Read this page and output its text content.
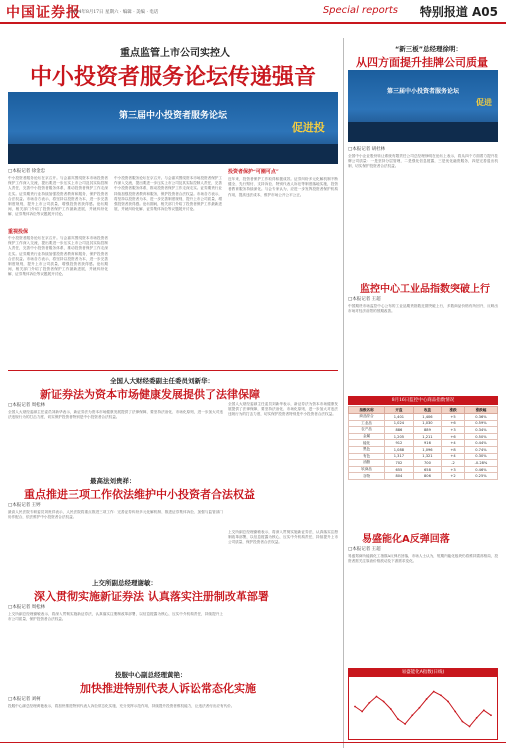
中国证券报
2024年8月17日 星期六 · 编辑 · 美编 · 电话	Special reports 特别报道 A05
重点监管上市公司实控人
中小投资者服务论坛传递强音
第三届中小投资者服务论坛
促进投
□本报记者 徐金忠
中小投资者服务论坛在京召开。与会嘉宾围绕资本市场投资者保护工作深入交流，提出要进一步压实上市公司及其实际控制人责任，完善中小投资者服务体系，推动投资者保护工作走深走实。证券期货行业持续加强投资者教育和服务，保护投资者合法权益。市场各方表示，将坚持以投资者为本，进一步完善制度规则，提升上市公司质量，增强投资者获得感。论坛期间，相关部门介绍了投资者保护工作最新进展，并就纠纷化解、证券集体诉讼等议题展开讨论。
重视投保
中小投资者服务论坛在京召开。与会嘉宾围绕资本市场投资者保护工作深入交流，提出要进一步压实上市公司及其实际控制人责任，完善中小投资者服务体系，推动投资者保护工作走深走实。证券期货行业持续加强投资者教育和服务，保护投资者合法权益。市场各方表示，将坚持以投资者为本，进一步完善制度规则，提升上市公司质量，增强投资者获得感。论坛期间，相关部门介绍了投资者保护工作最新进展，并就纠纷化解、证券集体诉讼等议题展开讨论。
中小投资者服务论坛在京召开。与会嘉宾围绕资本市场投资者保护工作深入交流，提出要进一步压实上市公司及其实际控制人责任，完善中小投资者服务体系，推动投资者保护工作走深走实。证券期货行业持续加强投资者教育和服务，保护投资者合法权益。市场各方表示，将坚持以投资者为本，进一步完善制度规则，提升上市公司质量，增强投资者获得感。论坛期间，相关部门介绍了投资者保护工作最新进展，并就纠纷化解、证券集体诉讼等议题展开讨论。
投资者保护“可圈可点”
近年来，投资者保护工作取得积极成效。证券纠纷多元化解机制不断健全，先行赔付、支持诉讼、特别代表人诉讼等制度落地实施，投资者教育服务持续深化。与会专家认为，应进一步发挥投资者保护机构作用，提高违法成本，维护市场公开公平公正。
“新三板”总经理徐明：
从四方面提升挂牌公司质量
第三届中小投资者服务论坛
促进
□本报记者 胡杜林
全国中小企业股份转让系统有限责任公司总经理徐明在论坛上表示，将从四个方面着力提升挂牌公司质量：一是坚持分层管理，二是强化信息披露，三是优化融资服务，四是完善退出机制，切实保护投资者合法权益。
全国人大财经委副主任委员刘新华：
新证券法为资本市场健康发展提供了法律保障
□本报记者 周松林
全国人大财经委副主任委员刘新华表示，新证券法为资本市场健康发展提供了法律保障，要坚持法治化、市场化原则，进一步加大对违法违规行为的打击力度，切实保护投资者特别是中小投资者合法权益。
全国人大财经委副主任委员刘新华表示，新证券法为资本市场健康发展提供了法律保障，要坚持法治化、市场化原则，进一步加大对违法违规行为的打击力度，切实保护投资者特别是中小投资者合法权益。
最高法刘贵祥：
重点推进三项工作依法维护中小投资者合法权益
□本报记者 王婷
最高人民法院专职委员刘贵祥表示，人民法院将重点推进三项工作：完善证券纠纷多元化解机制、推进证券集体诉讼、加强与监管部门协作配合，依法维护中小投资者合法权益。
上交所副总经理谢敏：
深入贯彻实施新证券法 认真落实注册制改革部署
□本报记者 周松林
上交所副总经理谢敏表示，将深入贯彻实施新证券法，认真落实注册制改革部署，以信息披露为核心，压实中介机构责任，持续提升上市公司质量，保护投资者合法权益。
上交所副总经理谢敏表示，将深入贯彻实施新证券法，认真落实注册制改革部署，以信息披露为核心，压实中介机构责任，持续提升上市公司质量，保护投资者合法权益。
投服中心副总经理黄艳：
加快推进特别代表人诉讼常态化实施
□本报记者 刘柯
投服中心副总经理黄艳表示，将加快推进特别代表人诉讼常态化实施，充分发挥示范作用，持续提升投资者维权能力，让违法者付出应有代价。
监控中心工业品指数突破上行
□本报记者 王超
中国期货市场监控中心公布的工业品期货指数近期突破上行，多数商品价格有所回升，反映出市场对经济前景的预期改善。
8月16日监控中心商品指数情况
指数名称	开盘	收盘	涨跌	涨跌幅
商品综合	1,401	1,406	+5	0.36%
工业品	1,024	1,030	+6	0.59%
农产品	886	889	+3	0.34%
金属	1,205	1,211	+6	0.50%
能化	912	916	+4	0.44%
黑色	1,088	1,096	+8	0.74%
有色	1,317	1,321	+4	0.30%
油脂	702	700	-2	-0.28%
软商品	655	658	+3	0.46%
谷物	804	806	+2	0.25%
易盛能化A反弹回落
□本报记者 王超
易盛郑商所能源化工指数A反弹后回落，市场人士认为，短期内能化板块仍将维持震荡格局，投资者需关注原油价格波动及下游需求变化。
易盛能化A指数(日线)
